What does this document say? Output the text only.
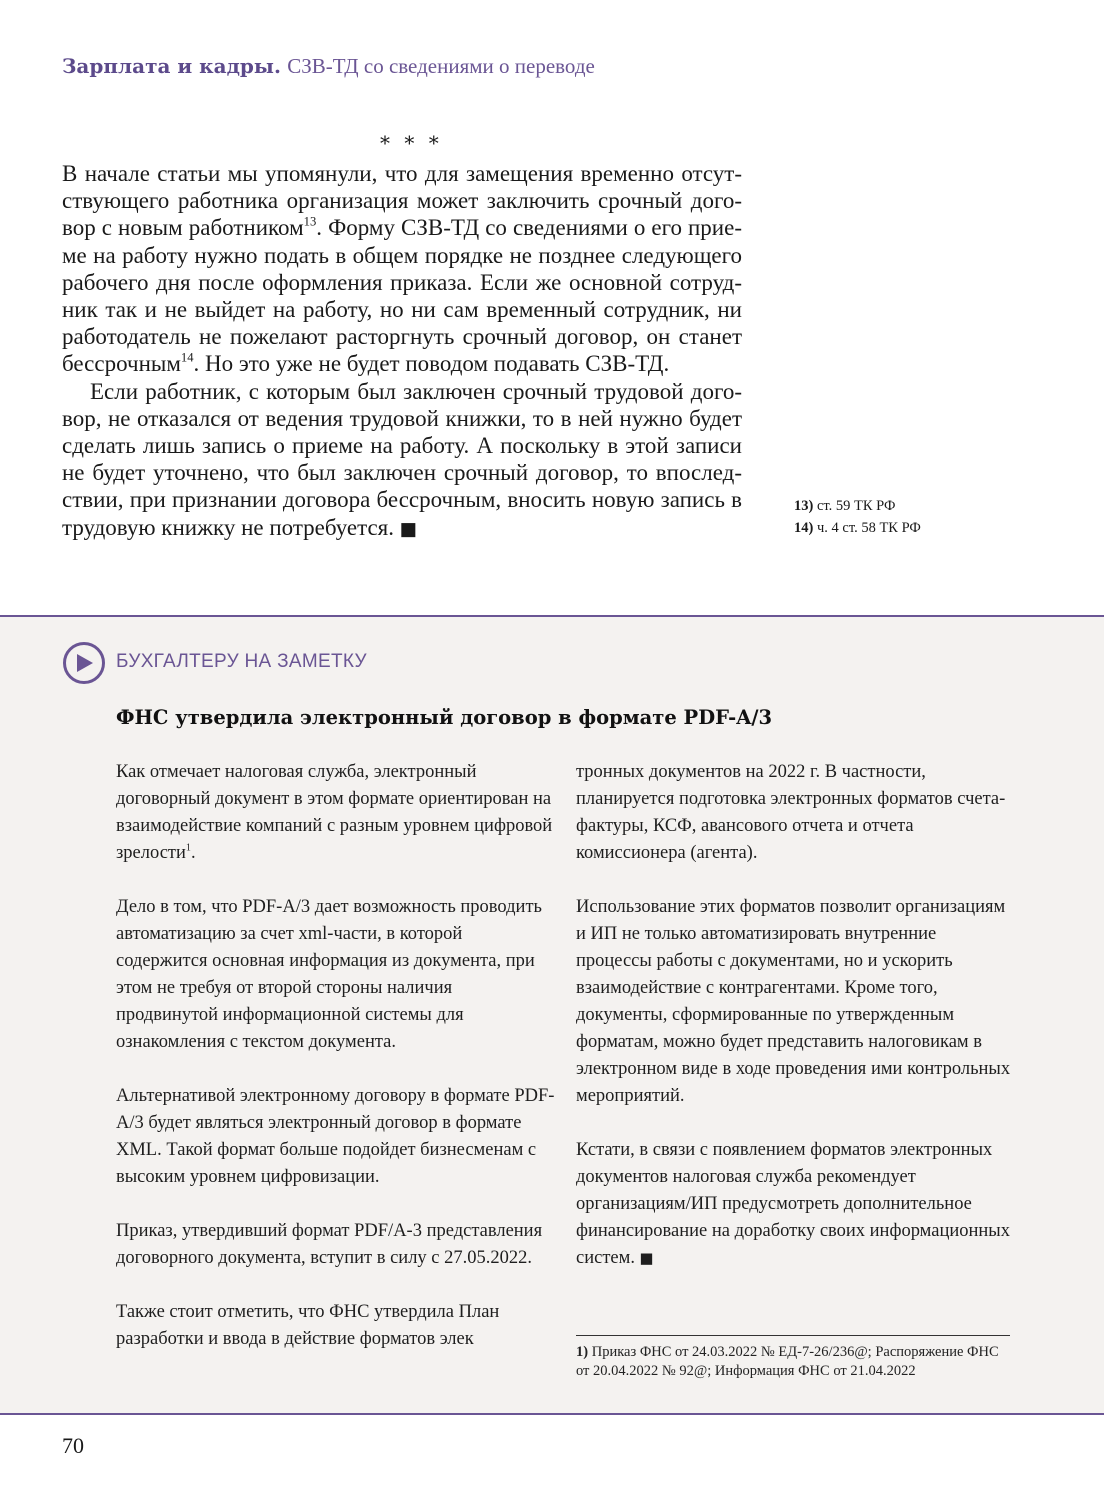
Зарплата и кадры. СЗВ-ТД со сведениями о переводе
* * *

В начале статьи мы упомянули, что для замещения временно отсутствующего работника организация может заключить срочный договор с новым работником$^{13}$. Форму СЗВ-ТД со сведениями о его приеме на работу нужно подать в общем порядке не позднее следующего рабочего дня после оформления приказа. Если же основной сотрудник так и не выйдет на работу, но ни сам временный сотрудник, ни работодатель не пожелают расторгнуть срочный договор, он станет бессрочным$^{14}$. Но это уже не будет поводом подавать СЗВ-ТД.

Если работник, с которым был заключен срочный трудовой договор, не отказался от ведения трудовой книжки, то в ней нужно будет сделать лишь запись о приеме на работу. А поскольку в этой записи не будет уточнено, что был заключен срочный договор, то впоследствии, при признании договора бессрочным, вносить новую запись в трудовую книжку не потребуется. ■

13) ст. 59 ТК РФ
14) ч. 4 ст. 58 ТК РФ
БУХГАЛТЕРУ НА ЗАМЕТКУ
ФНС утвердила электронный договор в формате PDF-A/3

Как отмечает налоговая служба, электронный договорный документ в этом формате ориентирован на взаимодействие компаний с разным уровнем цифровой зрелости$^1$.

Дело в том, что PDF-A/3 дает возможность проводить автоматизацию за счет xml-части, в которой содержится основная информация из документа, при этом не требуя от второй стороны наличия продвинутой информационной системы для ознакомления с текстом документа.

Альтернативой электронному договору в формате PDF-A/3 будет являться электронный договор в формате XML. Такой формат больше подойдет бизнесменам с высоким уровнем цифровизации.

Приказ, утвердивший формат PDF/A-3 представления договорного документа, вступит в силу с 27.05.2022.

Также стоит отметить, что ФНС утвердила План разработки и ввода в действие форматов элек

тронных документов на 2022 г. В частности, планируется подготовка электронных форматов счета-фактуры, КСФ, авансового отчета и отчета комиссионера (агента).

Использование этих форматов позволит организациям и ИП не только автоматизировать внутренние процессы работы с документами, но и ускорить взаимодействие с контрагентами. Кроме того, документы, сформированные по утвержденным форматам, можно будет представить налоговикам в электронном виде в ходе проведения ими контрольных мероприятий.

Кстати, в связи с появлением форматов электронных документов налоговая служба рекомендует организациям/ИП предусмотреть дополнительное финансирование на доработку своих информационных систем. ■

1) Приказ ФНС от 24.03.2022 № ЕД-7-26/236@; Распоряжение ФНС от 20.04.2022 № 92@; Информация ФНС от 21.04.2022
70
